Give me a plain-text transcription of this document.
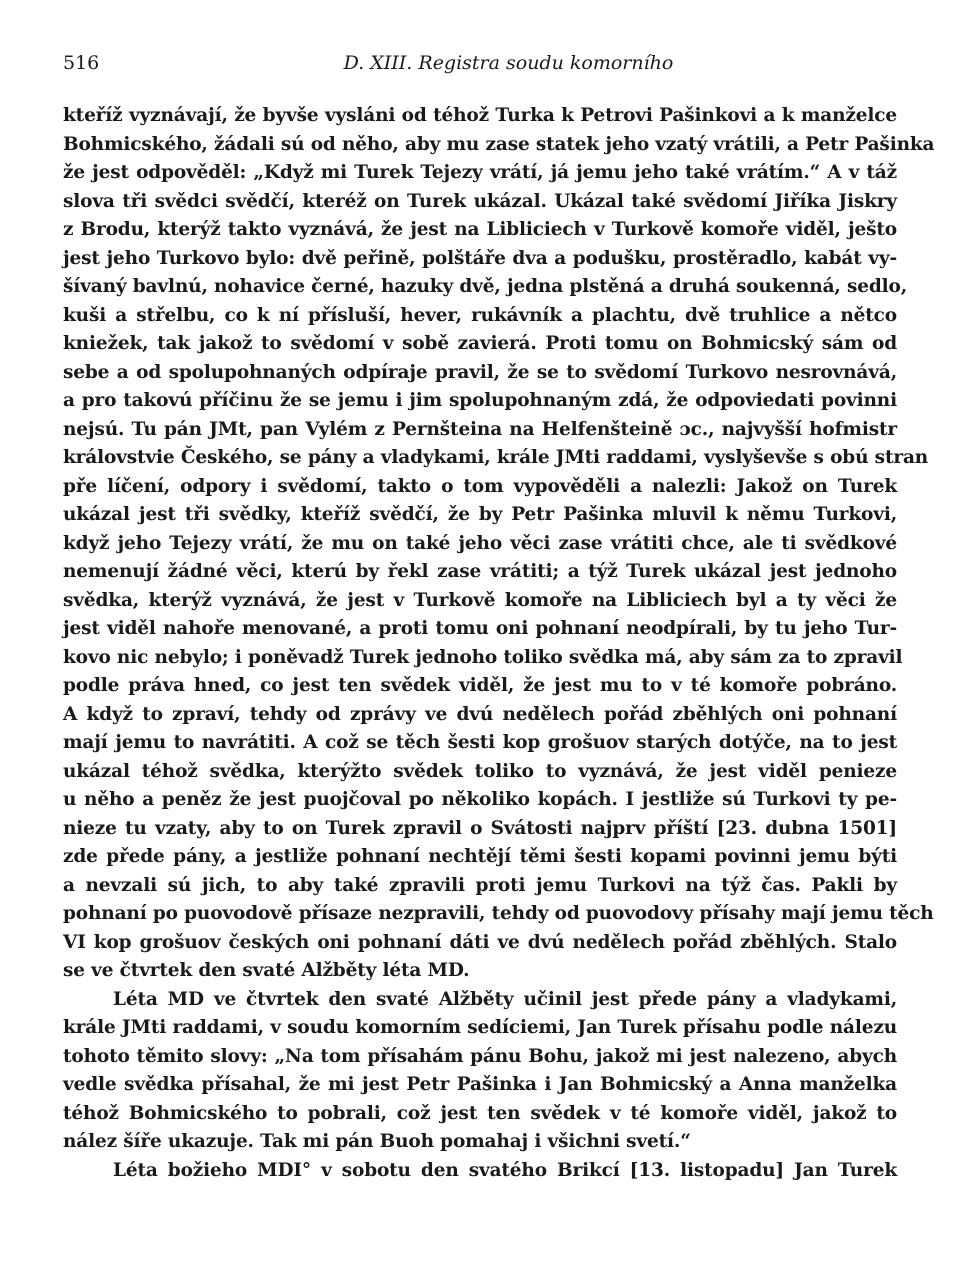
516	D. XIII. Registra soudu komorního
kteříž vyznávají, že byvše vysláni od téhož Turka k Petrovi Pašinkovi a k manželce
Bohmicského, žádali sú od něho, aby mu zase statek jeho vzatý vrátili, a Petr Pašinka
že jest odpověděl: „Když mi Turek Tejezy vrátí, já jemu jeho také vrátím.“ A v táž
slova tři svědci svědčí, kteréž on Turek ukázal. Ukázal také svědomí Jiříka Jiskry
z Brodu, kterýž takto vyznává, že jest na Libliciech v Turkově komoře viděl, ještо
jest jeho Turkovo bylo: dvě peřině, polštáře dva a podušku, prostěradlo, kabát vy-
šívaný bavlnú, nohavice černé, hazuky dvě, jedna plstěná a druhá soukenná, sedlo,
kuši a střelbu, co k ní přísluší, hever, rukávník a plachtu, dvě truhlice a nětco
kniežek, tak jakož to svědomí v sobě zavierá. Proti tomu on Bohmicský sám od
sebe a od spolupohnaných odpíraje pravil, že se to svědomí Turkovo nesrovnává,
a pro takovú příčinu že se jemu i jim spolupohnaným zdá, že odpoviedati povinni
nejsú. Tu pán JMt, pan Vylém z Pernšteina na Helfenšteině ɔc., najvyšší hofmistr
královstvie Českého, se pány a vladykami, krále JMti raddami, vyslyševše s obú stran
pře líčení, odpory i svědomí, takto o tom vypověděli a nalezli: Jakož on Turek
ukázal jest tři svědky, kteříž svědčí, že by Petr Pašinka mluvil k němu Turkovi,
když jeho Tejezy vrátí, že mu on také jeho věci zase vrátiti chce, ale ti svědkové
nemenují žádné věci, kterú by řekl zase vrátiti; a týž Turek ukázal jest jednoho
svědka, kterýž vyznává, že jest v Turkově komoře na Libliciech byl a ty věci že
jest viděl nahoře menované, a proti tomu oni pohnaní neodpírali, by tu jeho Tur-
kovo nic nebylo; i poněvadž Turek jednoho toliko svědka má, aby sám za to zpravil
podle práva hned, co jest ten svědek viděl, že jest mu to v té komoře pobráno.
A když to zpraví, tehdy od zprávy ve dvú nedělech pořád zběhlých oni pohnaní
mají jemu to navrátiti. A což se těch šesti kop grošuov starých dotýče, na to jest
ukázal téhož svědka, kterýžto svědek toliko to vyznává, že jest viděl penieze
u něho a peněz že jest puojčoval po několiko kopách. I jestliže sú Turkovi ty pe-
nieze tu vzaty, aby to on Turek zpravil o Svátosti najprv příští [23. dubna 1501]
zde přede pány, a jestliže pohnaní nechtějí těmi šesti kopami povinni jemu býti
a nevzali sú jich, to aby také zpravili proti jemu Turkovi na týž čas. Pakli by
pohnaní po puovodově přísaze nezpravili, tehdy od puovodovy přísahy mají jemu těch
VI kop grošuov českých oni pohnaní dáti ve dvú nedělech pořád zběhlých. Stalo
se ve čtvrtek den svaté Alžběty léta MD.
Léta MD ve čtvrtek den svaté Alžběty učinil jest přede pány a vladykami,
krále JMti raddami, v soudu komorním sedíciemi, Jan Turek přísahu podle nálezu
tohoto těmito slovy: „Na tom přísahám pánu Bohu, jakož mi jest nalezeno, abych
vedle svědka přísahal, že mi jest Petr Pašinka i Jan Bohmicský a Anna manželka
téhož Bohmicského to pobrali, což jest ten svědek v té komoře viděl, jakož to
nález šíře ukazuje. Tak mi pán Buoh pomahaj i všichni svetí.“
Léta božieho MDI° v sobotu den svatého Brikcí [13. listopadu] Jan Turek
